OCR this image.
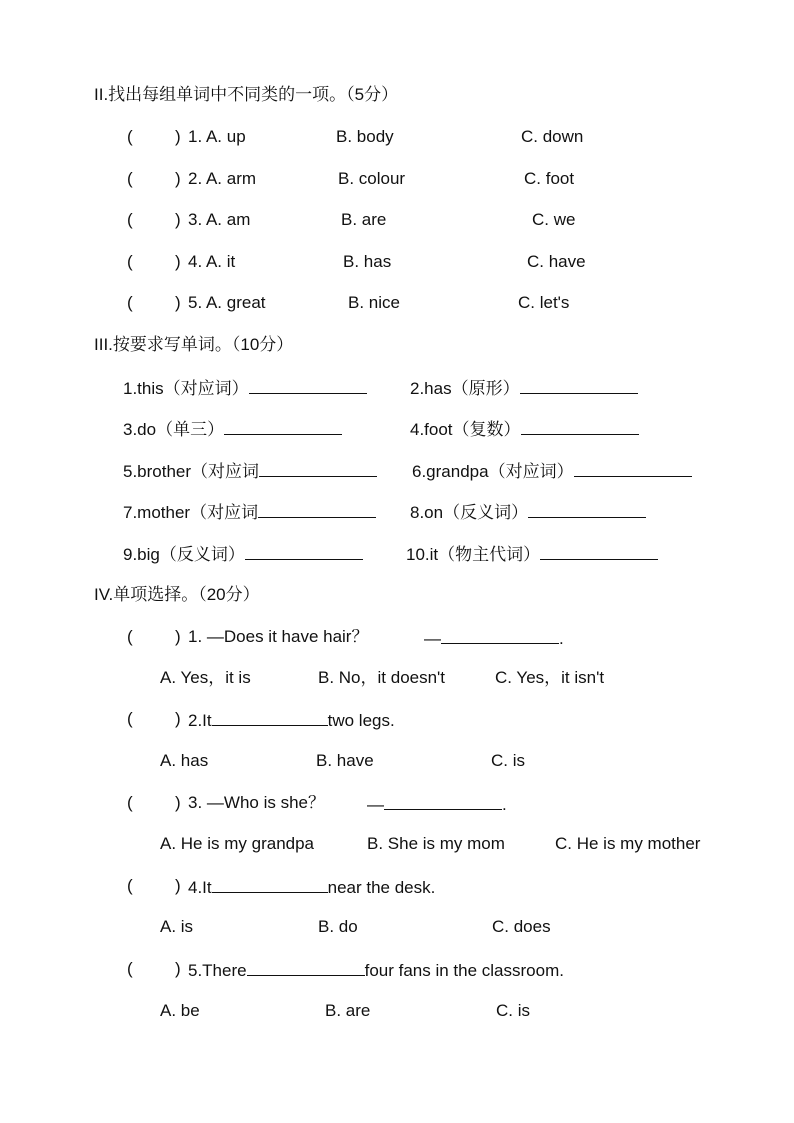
II.找出每组单词中不同类的一项。（5分）
( ) 1. A. up	B. body	C. down
( ) 2. A. arm	B. colour	C. foot
( ) 3. A. am	B. are	C. we
( ) 4. A. it	B. has	C. have
( ) 5. A. great	B. nice	C. let's
III.按要求写单词。（10分）
1.this（对应词）	2.has（原形）
3.do（单三）	4.foot（复数）
5.brother（对应词	6.grandpa（对应词）
7.mother（对应词	8.on（反义词）
9.big（反义词）	10.it（物主代词）
IV.单项选择。（20分）
( ) 1. —Does it have hair？	—	.
A. Yes，it is	B. No，it doesn't	C. Yes，it isn't
( ) 2.It	two legs.
A. has	B. have	C. is
( ) 3. —Who is she？ —	.
A. He is my grandpa	B. She is my mom	C. He is my mother
( ) 4.It	near the desk.
A. is	B. do	C. does
( ) 5.There	four fans in the classroom.
A. be	B. are	C. is
